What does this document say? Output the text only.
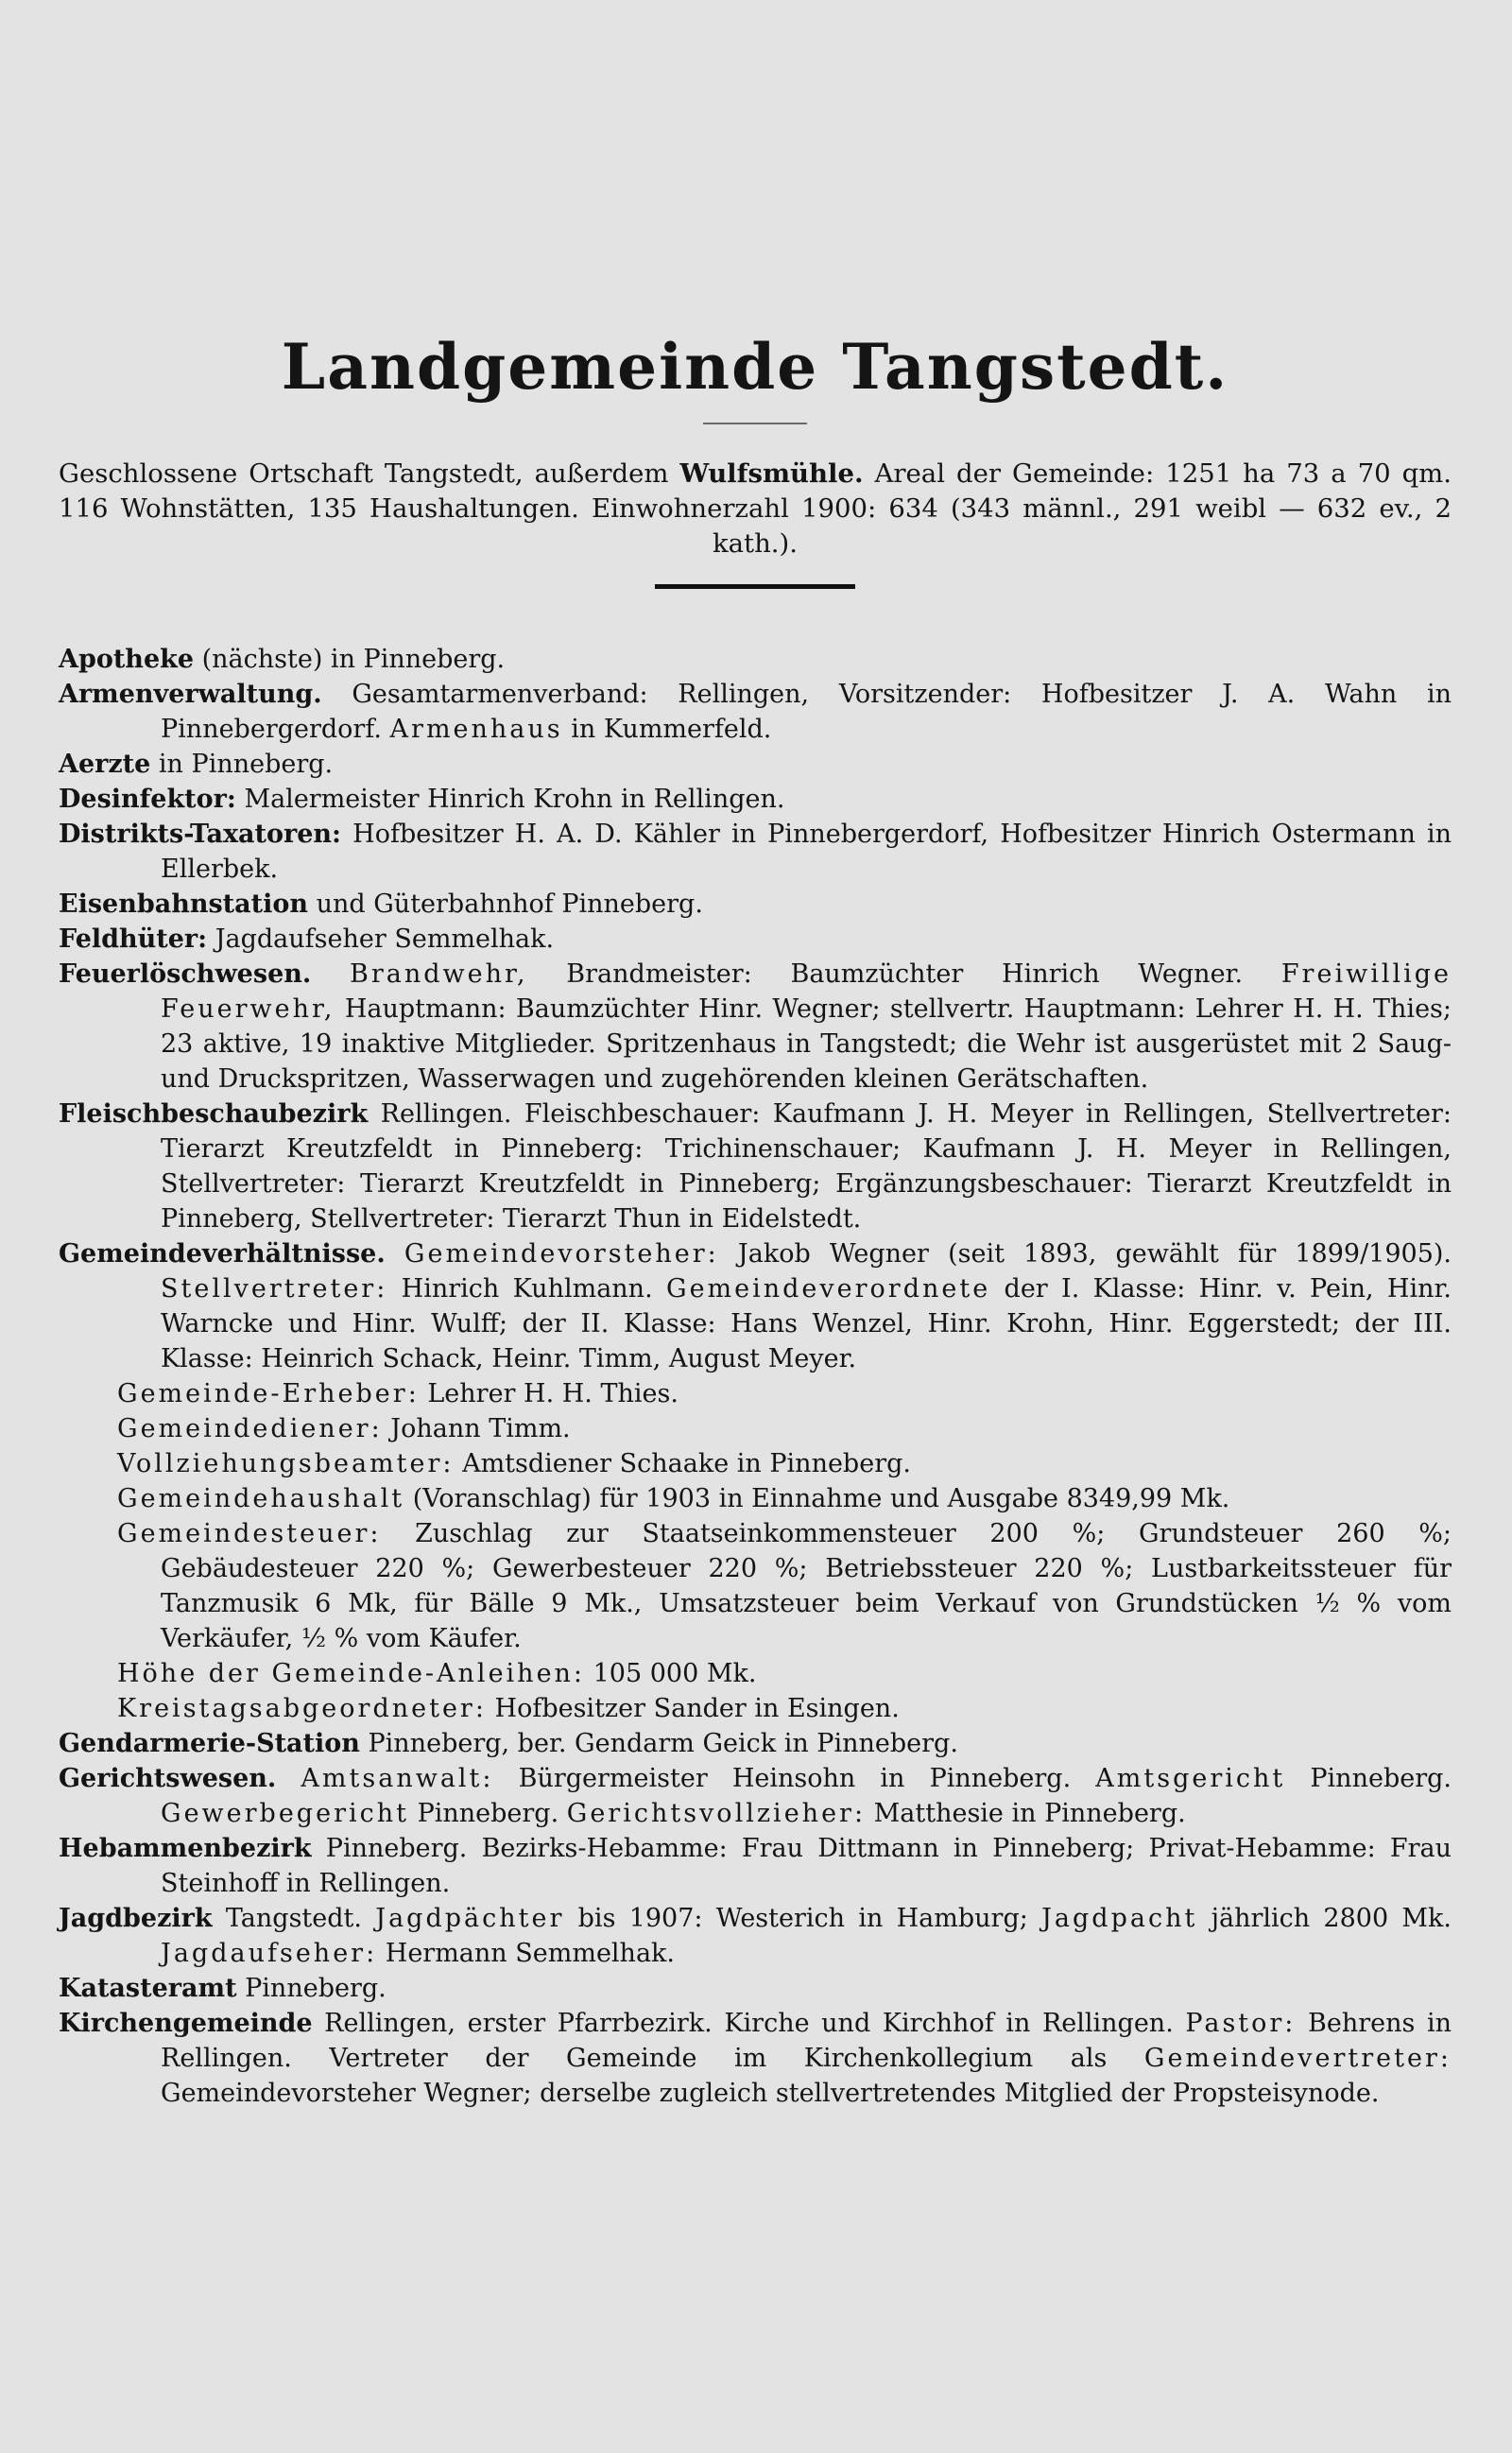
Landgemeinde Tangstedt.

Geschlossene Ortschaft Tangstedt, außerdem Wulfsmühle. Areal der Gemeinde: 1251 ha 73 a 70 qm. 116 Wohnstätten, 135 Haushaltungen. Einwohnerzahl 1900: 634 (343 männl., 291 weibl — 632 ev., 2 kath.).

Apotheke (nächste) in Pinneberg.

Armenverwaltung. Gesamtarmenverband: Rellingen, Vorsitzender: Hofbesitzer J. A. Wahn in Pinnebergerdorf. Armenhaus in Kummerfeld.

Aerzte in Pinneberg.

Desinfektor: Malermeister Hinrich Krohn in Rellingen.

Distrikts-Taxatoren: Hofbesitzer H. A. D. Kähler in Pinnebergerdorf, Hofbesitzer Hinrich Ostermann in Ellerbek.

Eisenbahnstation und Güterbahnhof Pinneberg.

Feldhüter: Jagdaufseher Semmelhak.

Feuerlöschwesen. Brandwehr, Brandmeister: Baumzüchter Hinrich Wegner. Freiwillige Feuerwehr, Hauptmann: Baumzüchter Hinr. Wegner; stellvertr. Hauptmann: Lehrer H. H. Thies; 23 aktive, 19 inaktive Mitglieder. Spritzenhaus in Tangstedt; die Wehr ist ausgerüstet mit 2 Saug- und Druckspritzen, Wasserwagen und zugehörenden kleinen Gerätschaften.

Fleischbeschaubezirk Rellingen. Fleischbeschauer: Kaufmann J. H. Meyer in Rellingen, Stellvertreter: Tierarzt Kreutzfeldt in Pinneberg: Trichinenschauer; Kaufmann J. H. Meyer in Rellingen, Stellvertreter: Tierarzt Kreutzfeldt in Pinneberg; Ergänzungsbeschauer: Tierarzt Kreutzfeldt in Pinneberg, Stellvertreter: Tierarzt Thun in Eidelstedt.

Gemeindeverhältnisse. Gemeindevorsteher: Jakob Wegner (seit 1893, gewählt für 1899/1905). Stellvertreter: Hinrich Kuhlmann. Gemeindeverordnete der I. Klasse: Hinr. v. Pein, Hinr. Warncke und Hinr. Wulff; der II. Klasse: Hans Wenzel, Hinr. Krohn, Hinr. Eggerstedt; der III. Klasse: Heinrich Schack, Heinr. Timm, August Meyer.

Gemeinde-Erheber: Lehrer H. H. Thies.

Gemeindediener: Johann Timm.

Vollziehungsbeamter: Amtsdiener Schaake in Pinneberg.

Gemeindehaushalt (Voranschlag) für 1903 in Einnahme und Ausgabe 8349,99 Mk.

Gemeindesteuer: Zuschlag zur Staatseinkommensteuer 200 %; Grundsteuer 260 %; Gebäudesteuer 220 %; Gewerbesteuer 220 %; Betriebssteuer 220 %; Lustbarkeitssteuer für Tanzmusik 6 Mk, für Bälle 9 Mk., Umsatzsteuer beim Verkauf von Grundstücken ½ % vom Verkäufer, ½ % vom Käufer.

Höhe der Gemeinde-Anleihen: 105 000 Mk.

Kreistagsabgeordneter: Hofbesitzer Sander in Esingen.

Gendarmerie-Station Pinneberg, ber. Gendarm Geick in Pinneberg.

Gerichtswesen. Amtsanwalt: Bürgermeister Heinsohn in Pinneberg. Amtsgericht Pinneberg. Gewerbegericht Pinneberg. Gerichtsvollzieher: Matthesie in Pinneberg.

Hebammenbezirk Pinneberg. Bezirks-Hebamme: Frau Dittmann in Pinneberg; Privat-Hebamme: Frau Steinhoff in Rellingen.

Jagdbezirk Tangstedt. Jagdpächter bis 1907: Westerich in Hamburg; Jagdpacht jährlich 2800 Mk. Jagdaufseher: Hermann Semmelhak.

Katasteramt Pinneberg.

Kirchengemeinde Rellingen, erster Pfarrbezirk. Kirche und Kirchhof in Rellingen. Pastor: Behrens in Rellingen. Vertreter der Gemeinde im Kirchenkollegium als Gemeindevertreter: Gemeindevorsteher Wegner; derselbe zugleich stellvertretendes Mitglied der Propsteisynode.
